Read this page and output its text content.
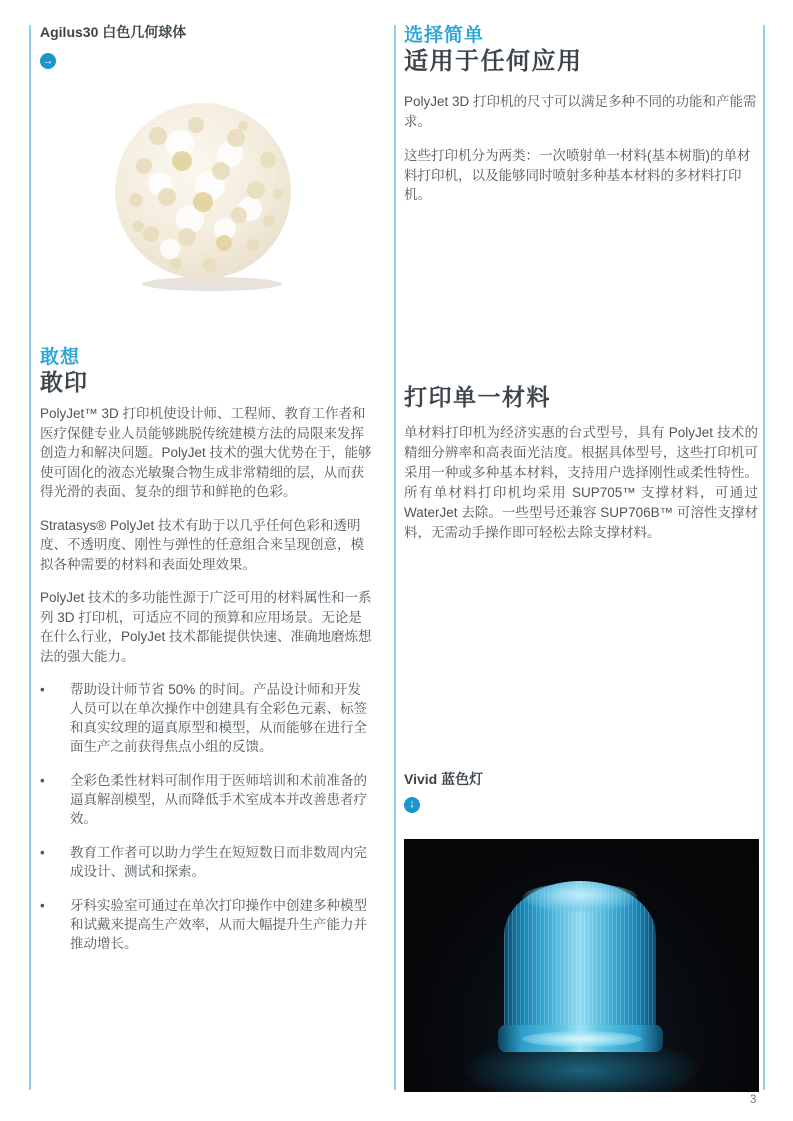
Agilus30 白色几何球体
→
敢想
敢印

PolyJet™ 3D 打印机使设计师、工程师、教育工作者和医疗保健专业人员能够跳脱传统建模方法的局限来发挥创造力和解决问题。PolyJet 技术的强大优势在于，能够使可固化的液态光敏聚合物生成非常精细的层，从而获得光滑的表面、复杂的细节和鲜艳的色彩。

Stratasys® PolyJet 技术有助于以几乎任何色彩和透明度、不透明度、刚性与弹性的任意组合来呈现创意，模拟各种需要的材料和表面处理效果。

PolyJet 技术的多功能性源于广泛可用的材料属性和一系列 3D 打印机，可适应不同的预算和应用场景。无论是在什么行业，PolyJet 技术都能提供快速、准确地磨炼想法的强大能力。

•	帮助设计师节省 50% 的时间。产品设计师和开发人员可以在单次操作中创建具有全彩色元素、标签和真实纹理的逼真原型和模型，从而能够在进行全面生产之前获得焦点小组的反馈。
•	全彩色柔性材料可制作用于医师培训和术前准备的逼真解剖模型，从而降低手术室成本并改善患者疗效。
•	教育工作者可以助力学生在短短数日而非数周内完成设计、测试和探索。
•	牙科实验室可通过在单次打印操作中创建多种模型和试戴来提高生产效率，从而大幅提升生产能力并推动增长。
选择简单
适用于任何应用

PolyJet 3D 打印机的尺寸可以满足多种不同的功能和产能需求。

这些打印机分为两类：一次喷射单一材料(基本树脂)的单材料打印机，以及能够同时喷射多种基本材料的多材料打印机。

打印单一材料

单材料打印机为经济实惠的台式型号，具有 PolyJet 技术的精细分辨率和高表面光洁度。根据具体型号，这些打印机可采用一种或多种基本材料，支持用户选择刚性或柔性特性。所有单材料打印机均采用 SUP705™ 支撑材料，可通过 WaterJet 去除。一些型号还兼容 SUP706B™ 可溶性支撑材料，无需动手操作即可轻松去除支撑材料。

Vivid 蓝色灯
↓
3
